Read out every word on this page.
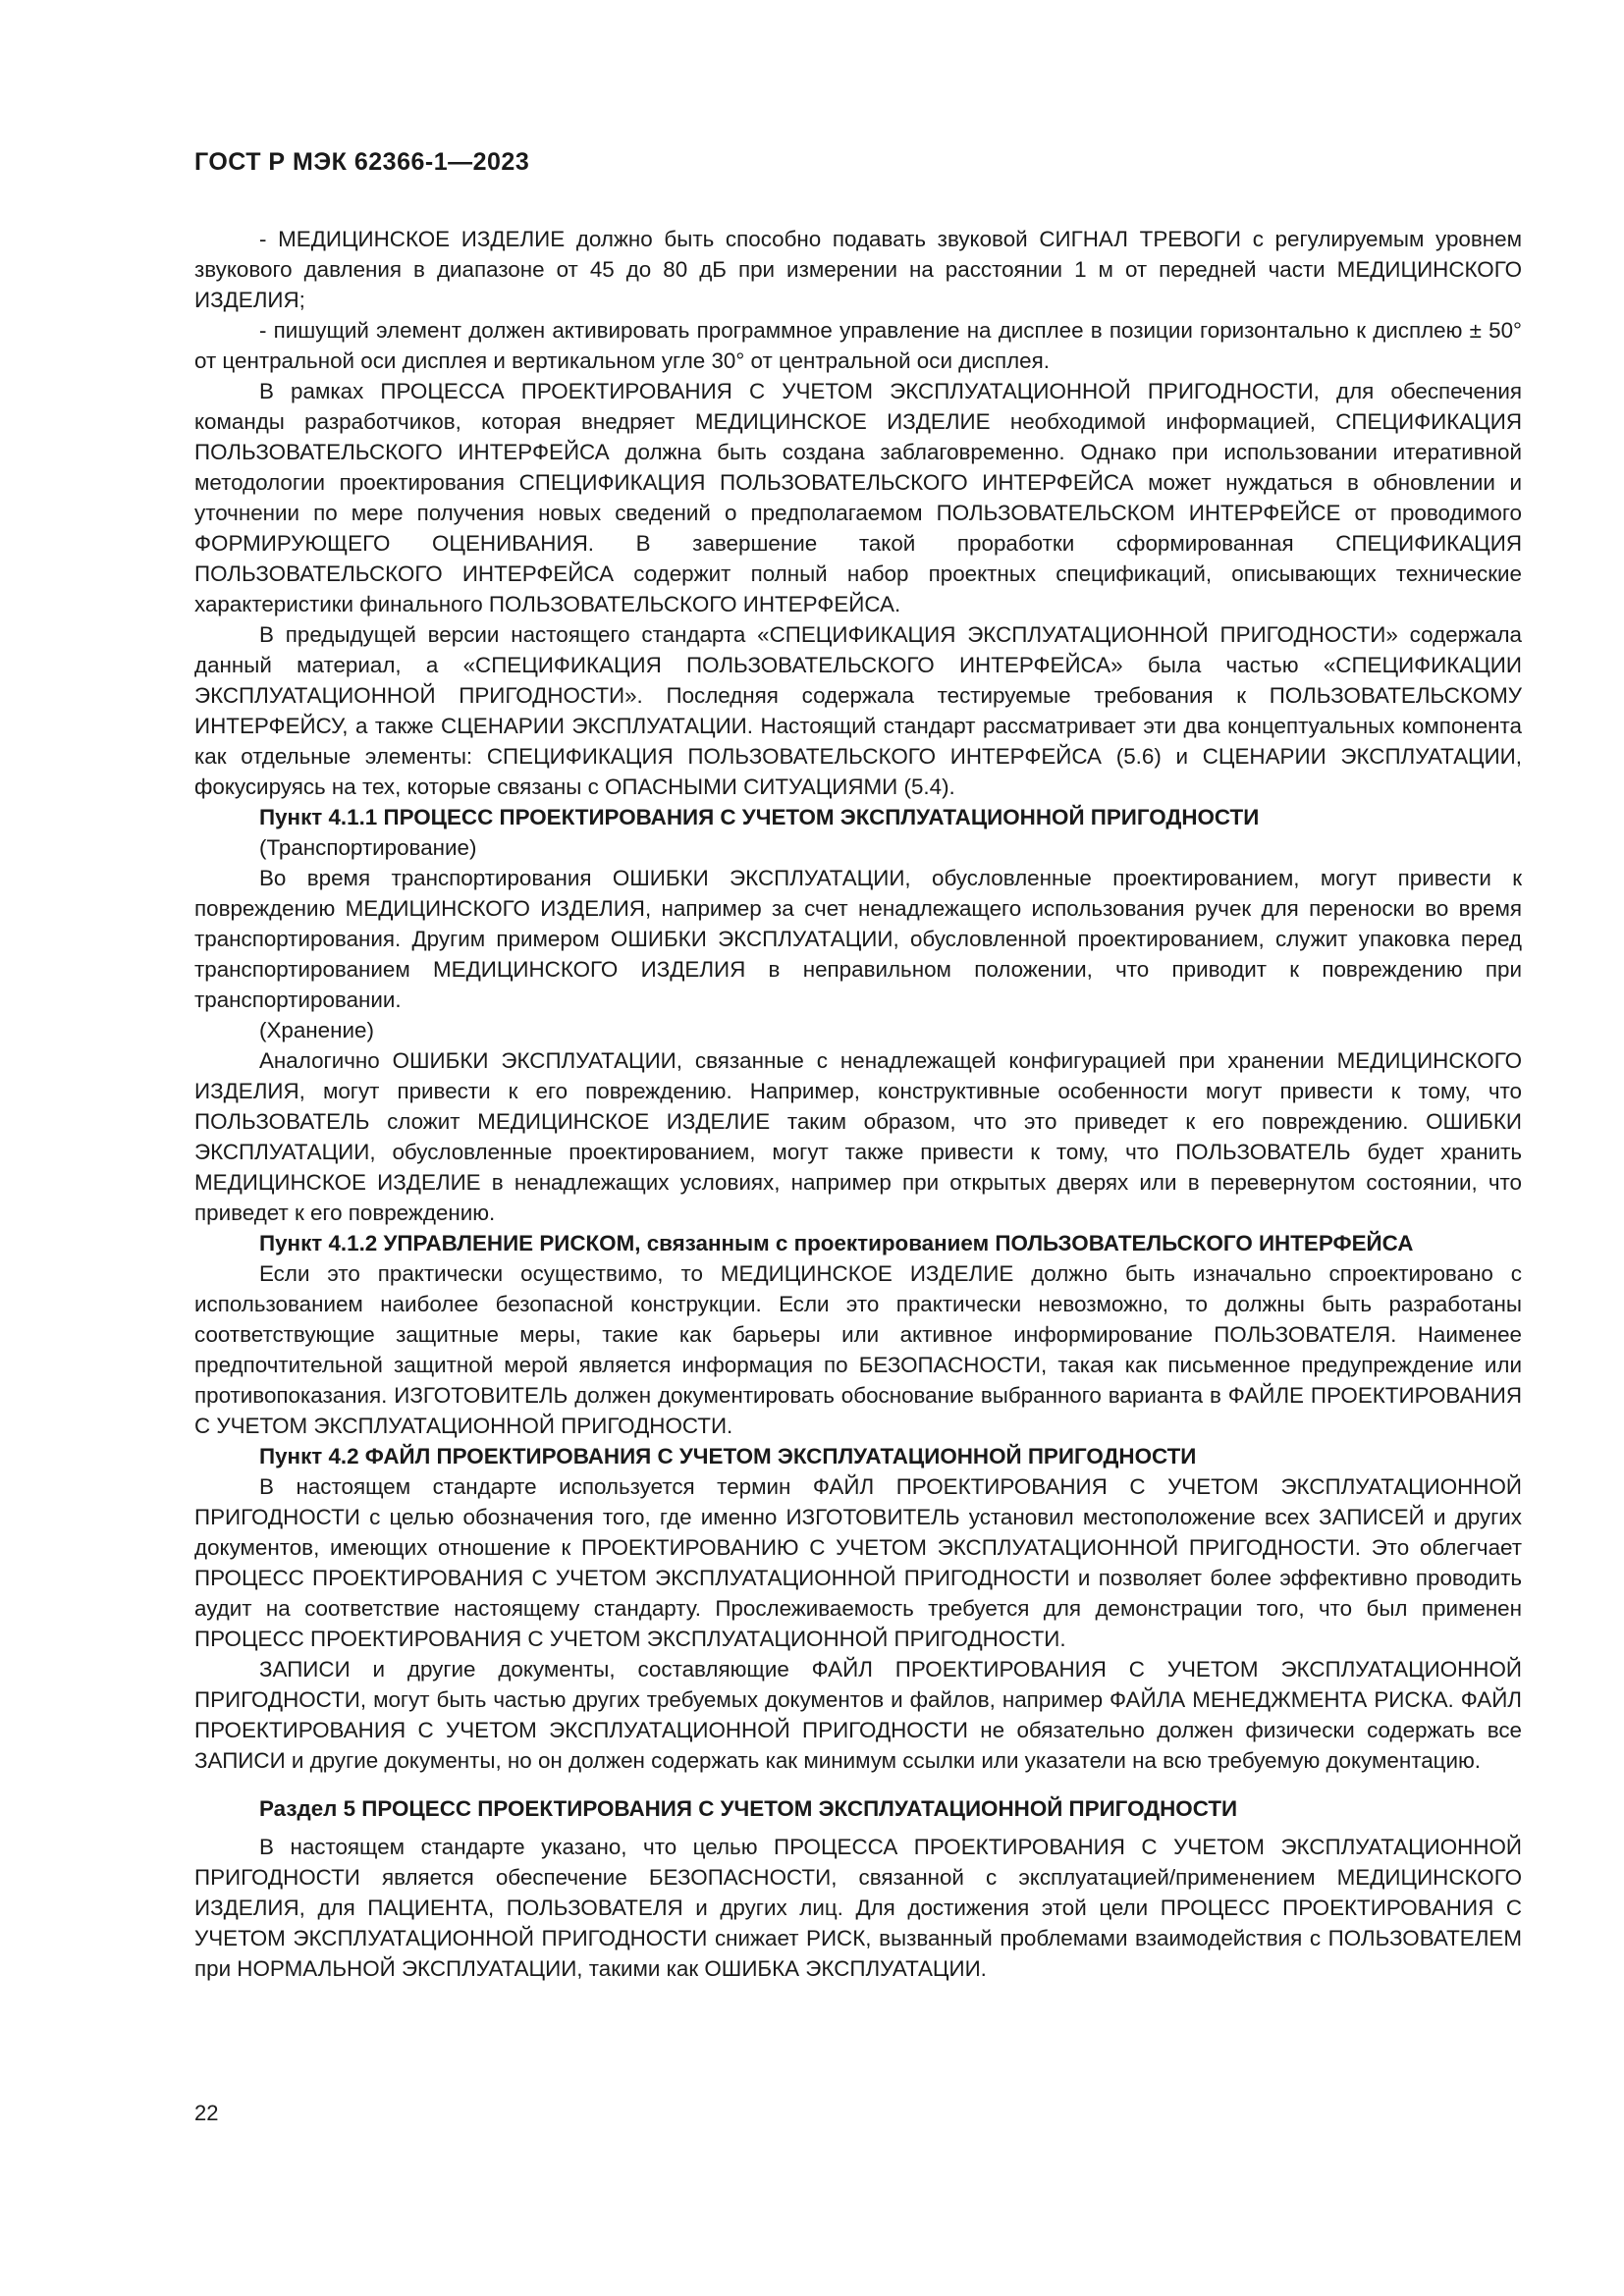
ГОСТ Р МЭК 62366-1—2023

- МЕДИЦИНСКОЕ ИЗДЕЛИЕ должно быть способно подавать звуковой СИГНАЛ ТРЕВОГИ с регулируемым уровнем звукового давления в диапазоне от 45 до 80 дБ при измерении на расстоянии 1 м от передней части МЕДИЦИНСКОГО ИЗДЕЛИЯ;

- пишущий элемент должен активировать программное управление на дисплее в позиции горизонтально к дисплею ± 50° от центральной оси дисплея и вертикальном угле 30° от центральной оси дисплея.

В рамках ПРОЦЕССА ПРОЕКТИРОВАНИЯ С УЧЕТОМ ЭКСПЛУАТАЦИОННОЙ ПРИГОДНОСТИ, для обеспечения команды разработчиков, которая внедряет МЕДИЦИНСКОЕ ИЗДЕЛИЕ необходимой информацией, СПЕЦИФИКАЦИЯ ПОЛЬЗОВАТЕЛЬСКОГО ИНТЕРФЕЙСА должна быть создана заблаговременно. Однако при использовании итеративной методологии проектирования СПЕЦИФИКАЦИЯ ПОЛЬЗОВАТЕЛЬСКОГО ИНТЕРФЕЙСА может нуждаться в обновлении и уточнении по мере получения новых сведений о предполагаемом ПОЛЬЗОВАТЕЛЬСКОМ ИНТЕРФЕЙСЕ от проводимого ФОРМИРУЮЩЕГО ОЦЕНИВАНИЯ. В завершение такой проработки сформированная СПЕЦИФИКАЦИЯ ПОЛЬЗОВАТЕЛЬСКОГО ИНТЕРФЕЙСА содержит полный набор проектных спецификаций, описывающих технические характеристики финального ПОЛЬЗОВАТЕЛЬСКОГО ИНТЕРФЕЙСА.

В предыдущей версии настоящего стандарта «СПЕЦИФИКАЦИЯ ЭКСПЛУАТАЦИОННОЙ ПРИГОДНОСТИ» содержала данный материал, а «СПЕЦИФИКАЦИЯ ПОЛЬЗОВАТЕЛЬСКОГО ИНТЕРФЕЙСА» была частью «СПЕЦИФИКАЦИИ ЭКСПЛУАТАЦИОННОЙ ПРИГОДНОСТИ». Последняя содержала тестируемые требования к ПОЛЬЗОВАТЕЛЬСКОМУ ИНТЕРФЕЙСУ, а также СЦЕНАРИИ ЭКСПЛУАТАЦИИ. Настоящий стандарт рассматривает эти два концептуальных компонента как отдельные элементы: СПЕЦИФИКАЦИЯ ПОЛЬЗОВАТЕЛЬСКОГО ИНТЕРФЕЙСА (5.6) и СЦЕНАРИИ ЭКСПЛУАТАЦИИ, фокусируясь на тех, которые связаны с ОПАСНЫМИ СИТУАЦИЯМИ (5.4).

Пункт 4.1.1 ПРОЦЕСС ПРОЕКТИРОВАНИЯ С УЧЕТОМ ЭКСПЛУАТАЦИОННОЙ ПРИГОДНОСТИ

(Транспортирование)

Во время транспортирования ОШИБКИ ЭКСПЛУАТАЦИИ, обусловленные проектированием, могут привести к повреждению МЕДИЦИНСКОГО ИЗДЕЛИЯ, например за счет ненадлежащего использования ручек для переноски во время транспортирования. Другим примером ОШИБКИ ЭКСПЛУАТАЦИИ, обусловленной проектированием, служит упаковка перед транспортированием МЕДИЦИНСКОГО ИЗДЕЛИЯ в неправильном положении, что приводит к повреждению при транспортировании.

(Хранение)

Аналогично ОШИБКИ ЭКСПЛУАТАЦИИ, связанные с ненадлежащей конфигурацией при хранении МЕДИЦИНСКОГО ИЗДЕЛИЯ, могут привести к его повреждению. Например, конструктивные особенности могут привести к тому, что ПОЛЬЗОВАТЕЛЬ сложит МЕДИЦИНСКОЕ ИЗДЕЛИЕ таким образом, что это приведет к его повреждению. ОШИБКИ ЭКСПЛУАТАЦИИ, обусловленные проектированием, могут также привести к тому, что ПОЛЬЗОВАТЕЛЬ будет хранить МЕДИЦИНСКОЕ ИЗДЕЛИЕ в ненадлежащих условиях, например при открытых дверях или в перевернутом состоянии, что приведет к его повреждению.

Пункт 4.1.2 УПРАВЛЕНИЕ РИСКОМ, связанным с проектированием ПОЛЬЗОВАТЕЛЬСКОГО ИНТЕРФЕЙСА

Если это практически осуществимо, то МЕДИЦИНСКОЕ ИЗДЕЛИЕ должно быть изначально спроектировано с использованием наиболее безопасной конструкции. Если это практически невозможно, то должны быть разработаны соответствующие защитные меры, такие как барьеры или активное информирование ПОЛЬЗОВАТЕЛЯ. Наименее предпочтительной защитной мерой является информация по БЕЗОПАСНОСТИ, такая как письменное предупреждение или противопоказания. ИЗГОТОВИТЕЛЬ должен документировать обоснование выбранного варианта в ФАЙЛЕ ПРОЕКТИРОВАНИЯ С УЧЕТОМ ЭКСПЛУАТАЦИОННОЙ ПРИГОДНОСТИ.

Пункт 4.2 ФАЙЛ ПРОЕКТИРОВАНИЯ С УЧЕТОМ ЭКСПЛУАТАЦИОННОЙ ПРИГОДНОСТИ

В настоящем стандарте используется термин ФАЙЛ ПРОЕКТИРОВАНИЯ С УЧЕТОМ ЭКСПЛУАТАЦИОННОЙ ПРИГОДНОСТИ с целью обозначения того, где именно ИЗГОТОВИТЕЛЬ установил местоположение всех ЗАПИСЕЙ и других документов, имеющих отношение к ПРОЕКТИРОВАНИЮ С УЧЕТОМ ЭКСПЛУАТАЦИОННОЙ ПРИГОДНОСТИ. Это облегчает ПРОЦЕСС ПРОЕКТИРОВАНИЯ С УЧЕТОМ ЭКСПЛУАТАЦИОННОЙ ПРИГОДНОСТИ и позволяет более эффективно проводить аудит на соответствие настоящему стандарту. Прослеживаемость требуется для демонстрации того, что был применен ПРОЦЕСС ПРОЕКТИРОВАНИЯ С УЧЕТОМ ЭКСПЛУАТАЦИОННОЙ ПРИГОДНОСТИ.

ЗАПИСИ и другие документы, составляющие ФАЙЛ ПРОЕКТИРОВАНИЯ С УЧЕТОМ ЭКСПЛУАТАЦИОННОЙ ПРИГОДНОСТИ, могут быть частью других требуемых документов и файлов, например ФАЙЛА МЕНЕДЖМЕНТА РИСКА. ФАЙЛ ПРОЕКТИРОВАНИЯ С УЧЕТОМ ЭКСПЛУАТАЦИОННОЙ ПРИГОДНОСТИ не обязательно должен физически содержать все ЗАПИСИ и другие документы, но он должен содержать как минимум ссылки или указатели на всю требуемую документацию.

Раздел 5 ПРОЦЕСС ПРОЕКТИРОВАНИЯ С УЧЕТОМ ЭКСПЛУАТАЦИОННОЙ ПРИГОДНОСТИ

В настоящем стандарте указано, что целью ПРОЦЕССА ПРОЕКТИРОВАНИЯ С УЧЕТОМ ЭКСПЛУАТАЦИОННОЙ ПРИГОДНОСТИ является обеспечение БЕЗОПАСНОСТИ, связанной с эксплуатацией/применением МЕДИЦИНСКОГО ИЗДЕЛИЯ, для ПАЦИЕНТА, ПОЛЬЗОВАТЕЛЯ и других лиц. Для достижения этой цели ПРОЦЕСС ПРОЕКТИРОВАНИЯ С УЧЕТОМ ЭКСПЛУАТАЦИОННОЙ ПРИГОДНОСТИ снижает РИСК, вызванный проблемами взаимодействия с ПОЛЬЗОВАТЕЛЕМ при НОРМАЛЬНОЙ ЭКСПЛУАТАЦИИ, такими как ОШИБКА ЭКСПЛУАТАЦИИ.

22
